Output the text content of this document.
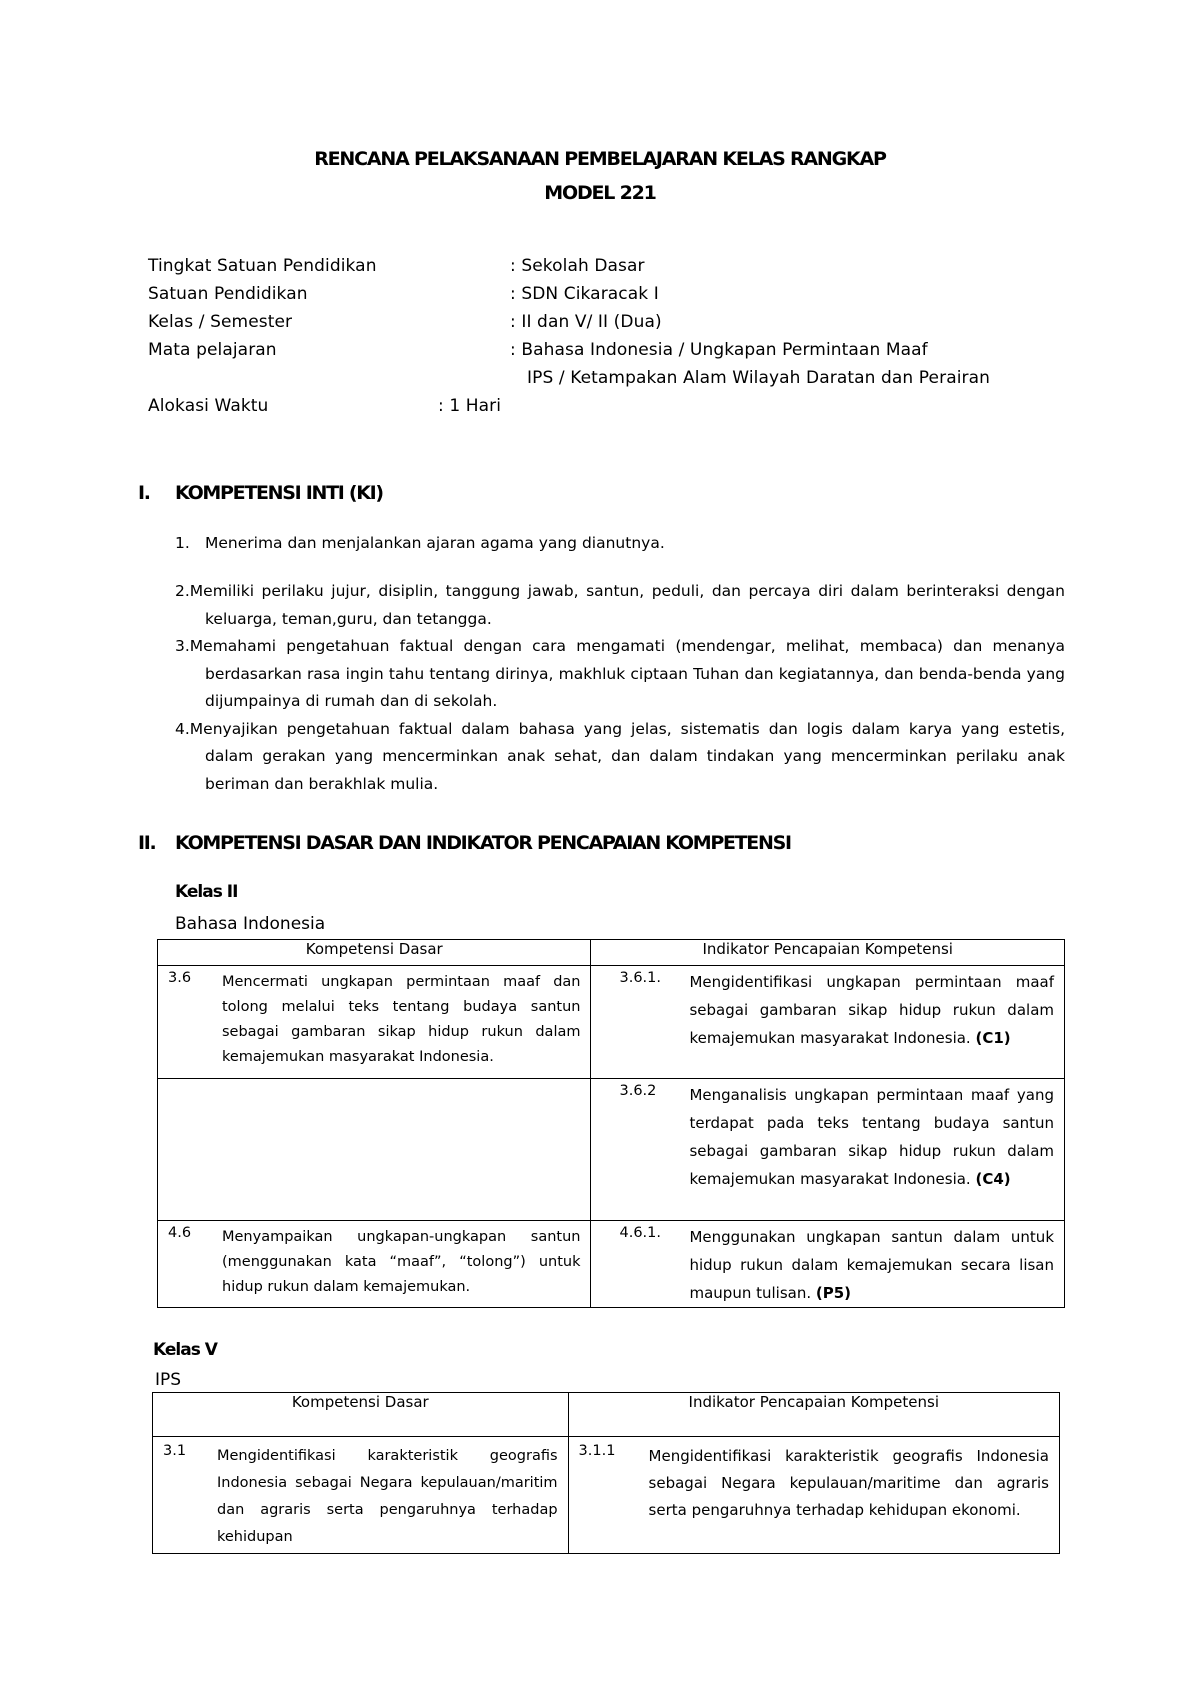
RENCANA PELAKSANAAN PEMBELAJARAN KELAS RANGKAP
MODEL 221
Tingkat Satuan Pendidikan	: Sekolah Dasar
Satuan Pendidikan	: SDN Cikaracak I
Kelas / Semester	: II dan V/ II (Dua)
Mata pelajaran	: Bahasa Indonesia / Ungkapan Permintaan Maaf
IPS / Ketampakan Alam Wilayah Daratan dan Perairan
Alokasi Waktu	: 1 Hari
I. KOMPETENSI INTI (KI)
1. Menerima dan menjalankan ajaran agama yang dianutnya.
2.Memiliki perilaku jujur, disiplin, tanggung jawab, santun, peduli, dan percaya diri dalam berinteraksi dengan keluarga, teman,guru, dan tetangga.
3.Memahami pengetahuan faktual dengan cara mengamati (mendengar, melihat, membaca) dan menanya berdasarkan rasa ingin tahu tentang dirinya, makhluk ciptaan Tuhan dan kegiatannya, dan benda-benda yang dijumpainya di rumah dan di sekolah.
4.Menyajikan pengetahuan faktual dalam bahasa yang jelas, sistematis dan logis dalam karya yang estetis, dalam gerakan yang mencerminkan anak sehat, dan dalam tindakan yang mencerminkan perilaku anak beriman dan berakhlak mulia.
II. KOMPETENSI DASAR DAN INDIKATOR PENCAPAIAN KOMPETENSI
Kelas II
Bahasa Indonesia
Kompetensi Dasar	Indikator Pencapaian Kompetensi

3.6 Mencermati ungkapan permintaan maaf dan tolong melalui teks tentang budaya santun sebagai gambaran sikap hidup rukun dalam kemajemukan masyarakat Indonesia.	3.6.1. Mengidentifikasi ungkapan permintaan maaf sebagai gambaran sikap hidup rukun dalam kemajemukan masyarakat Indonesia. (C1)

	3.6.2 Menganalisis ungkapan permintaan maaf yang terdapat pada teks tentang budaya santun sebagai gambaran sikap hidup rukun dalam kemajemukan masyarakat Indonesia. (C4)

4.6 Menyampaikan ungkapan-ungkapan santun (menggunakan kata “maaf”, “tolong”) untuk hidup rukun dalam kemajemukan.	4.6.1. Menggunakan ungkapan santun dalam untuk hidup rukun dalam kemajemukan secara lisan maupun tulisan. (P5)
Kelas V
IPS
Kompetensi Dasar	Indikator Pencapaian Kompetensi

3.1 Mengidentifikasi karakteristik geografis Indonesia sebagai Negara kepulauan/maritim dan agraris serta pengaruhnya terhadap kehidupan	3.1.1 Mengidentifikasi karakteristik geografis Indonesia sebagai Negara kepulauan/maritime dan agraris serta pengaruhnya terhadap kehidupan ekonomi.
